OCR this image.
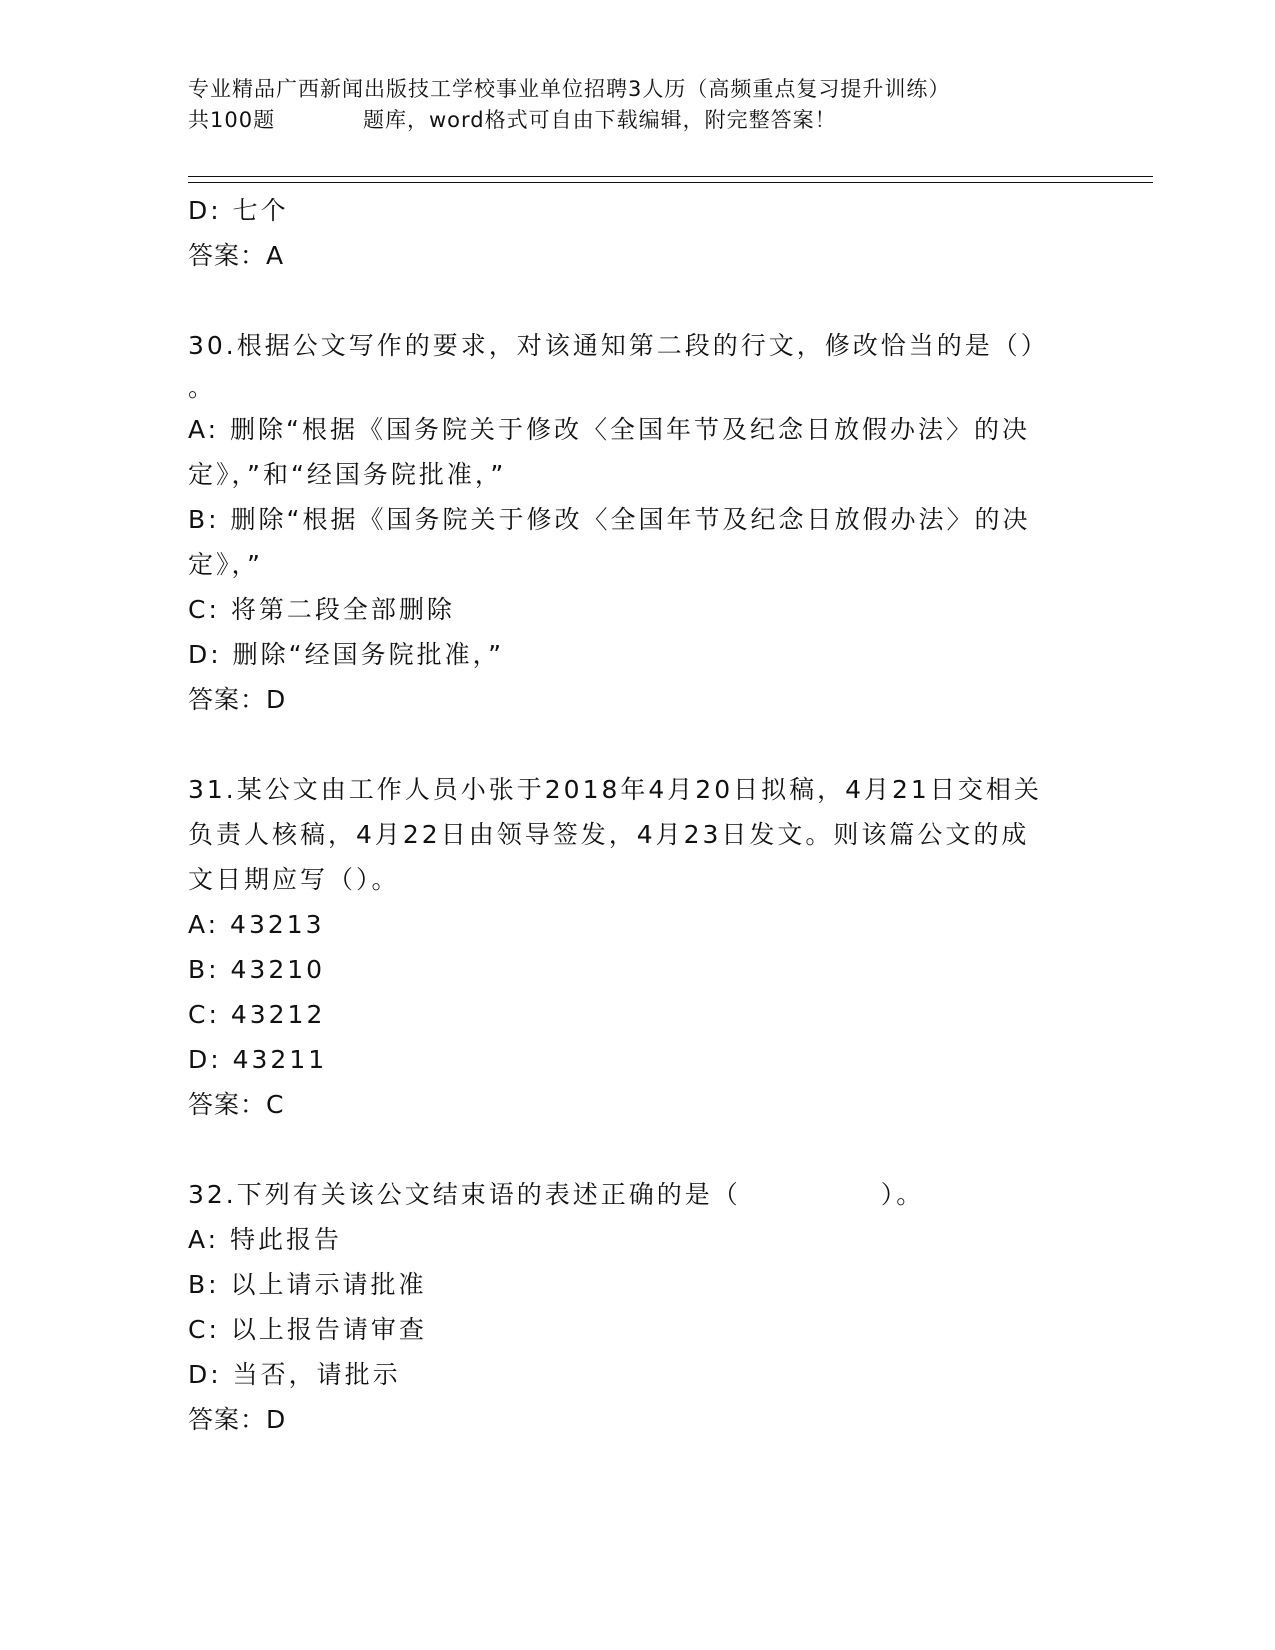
专业精品广西新闻出版技工学校事业单位招聘3人历（高频重点复习提升训练）
共100题	题库，word格式可自由下载编辑，附完整答案！
D: 七个
答案：A
30.根据公文写作的要求，对该通知第二段的行文，修改恰当的是（）
。
A: 删除“根据《国务院关于修改〈全国年节及纪念日放假办法〉的决
定》，”和“经国务院批准，”
B: 删除“根据《国务院关于修改〈全国年节及纪念日放假办法〉的决
定》，”
C: 将第二段全部删除
D: 删除“经国务院批准，”
答案：D
31.某公文由工作人员小张于2018年4月20日拟稿，4月21日交相关
负责人核稿，4月22日由领导签发，4月23日发文。则该篇公文的成
文日期应写（）。
A: 43213
B: 43210
C: 43212
D: 43211
答案：C
32.下列有关该公文结束语的表述正确的是（　　　　　）。
A: 特此报告
B: 以上请示请批准
C: 以上报告请审查
D: 当否，请批示
答案：D
